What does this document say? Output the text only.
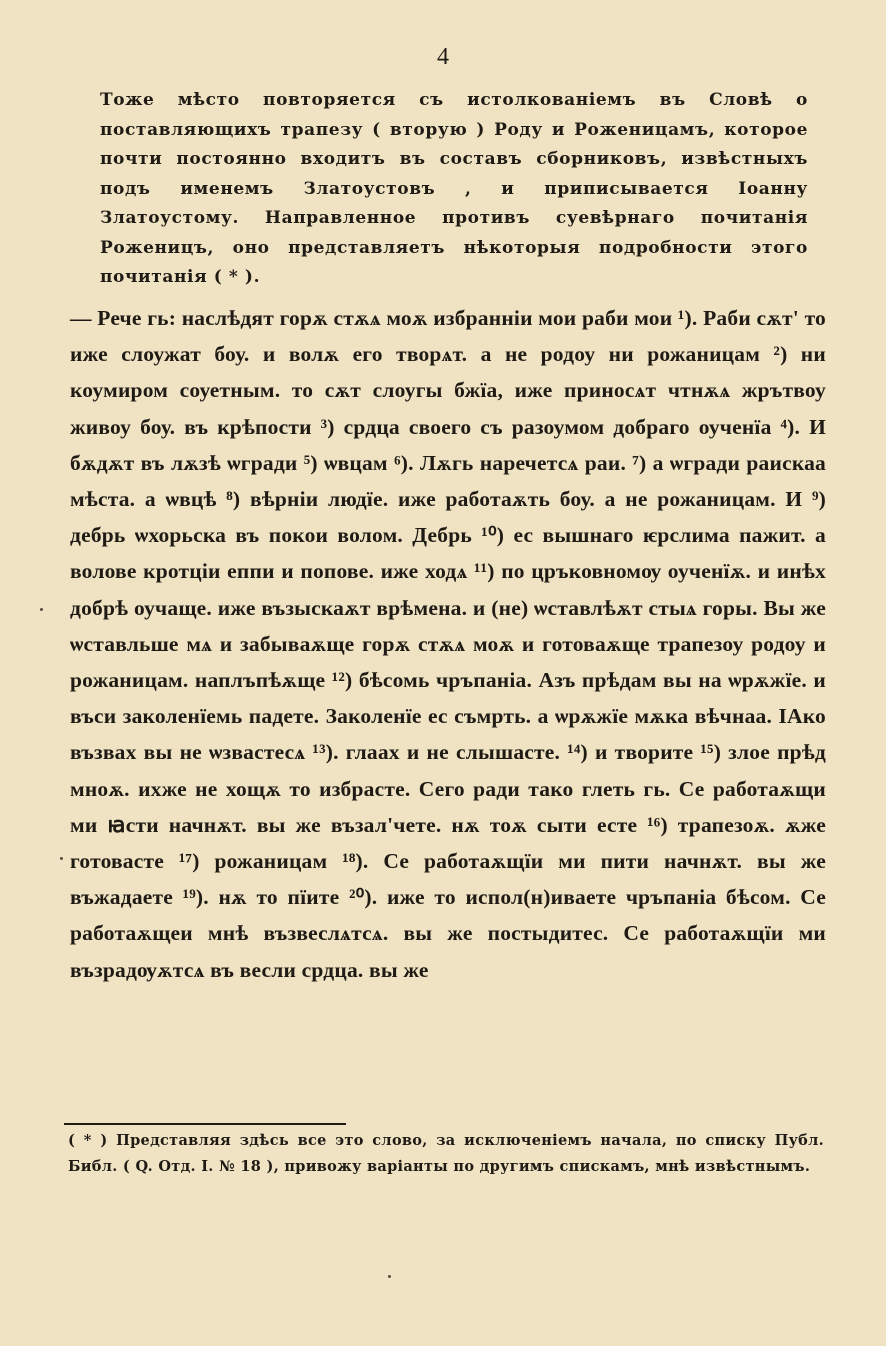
4

Тоже мѣсто повторяется съ истолкованіемъ въ Словѣ о поставляющихъ трапезу ( вторую ) Роду и Роженицамъ, которое почти постоянно входитъ въ составъ сборниковъ, извѣстныхъ подъ именемъ Златоустовъ , и приписывается Іоанну Златоустому. Направленное противъ суевѣрнаго почитанія Роженицъ, оно представляетъ нѣкоторыя подробности этого почитанія ( * ).

— Рече гь: наслѣдят горѫ стѫѧ моѫ избранніи мои раби мои ¹). Раби сѫт' то иже слоужат боу. и волѫ его творѧт. а не родоу ни рожаницам ²) ни коумиром соуетным. то сѫт слоугы бжїа, иже приносѧт чтнѫѧ жрътвоу живоу боу. въ крѣпости ³) срдца своего съ разоумом добраго оученїа ⁴). И бѫдѫт въ лѫзѣ ѡгради ⁵) ѡвцам ⁶). Лѫгь наречетсѧ раи. ⁷) а ѡгради раискаа мѣста. а ѡвцѣ ⁸) вѣрніи людїе. иже работаѫть боу. а не рожаницам. И ⁹) дебрь ѡхорьска въ покои волом. Дебрь ¹⁰) ес вышнаго ѥрслима пажит. а волове кротціи еппи и попове. иже ходѧ ¹¹) по цръковномѹ оученїѫ. и инѣх добрѣ оучаще. иже възыскаѫт врѣмена. и (не) ѡставлѣѫт стыѧ горы. Вы же ѡставльше мѧ и забываѫще горѫ стѫѧ моѫ и готоваѫще трапезоу родоу и рожаницам. наплъпѣѫще ¹²) бѣсомь чръпаніа. Азъ прѣдам вы на ѡрѫжїе. и въси заколенїемь падете. Заколенїе ес съмрть. а ѡрѫжїе мѫка вѣчнаа. ІАко възвах вы не ѡзвастесѧ ¹³). глаах и не слышасте. ¹⁴) и творите ¹⁵) злое прѣд мноѫ. ихже не хощѫ то избрасте. Сего ради тако глеть гь. Се работаѫщи ми ꙗсти начнѫт. вы же възал'чете. нѫ тоѫ сыти есте ¹⁶) трапезоѫ. ѫже готовасте ¹⁷) рожаницам ¹⁸). Се работаѫщїи ми пити начнѫт. вы же въжадаете ¹⁹). нѫ то пїите ²⁰). иже то испол(н)иваете чръпаніа бѣсом. Се работаѫщеи мнѣ възвеслѧтсѧ. вы же постыдитес. Се работаѫщїи ми възрадѹѫтсѧ въ весли срдца. вы же

( * ) Представляя здѣсь все это слово, за исключеніемъ начала, по списку Публ. Библ. ( Q. Отд. I. № 18 ), привожу варіанты по другимъ спискамъ, мнѣ извѣстнымъ.
